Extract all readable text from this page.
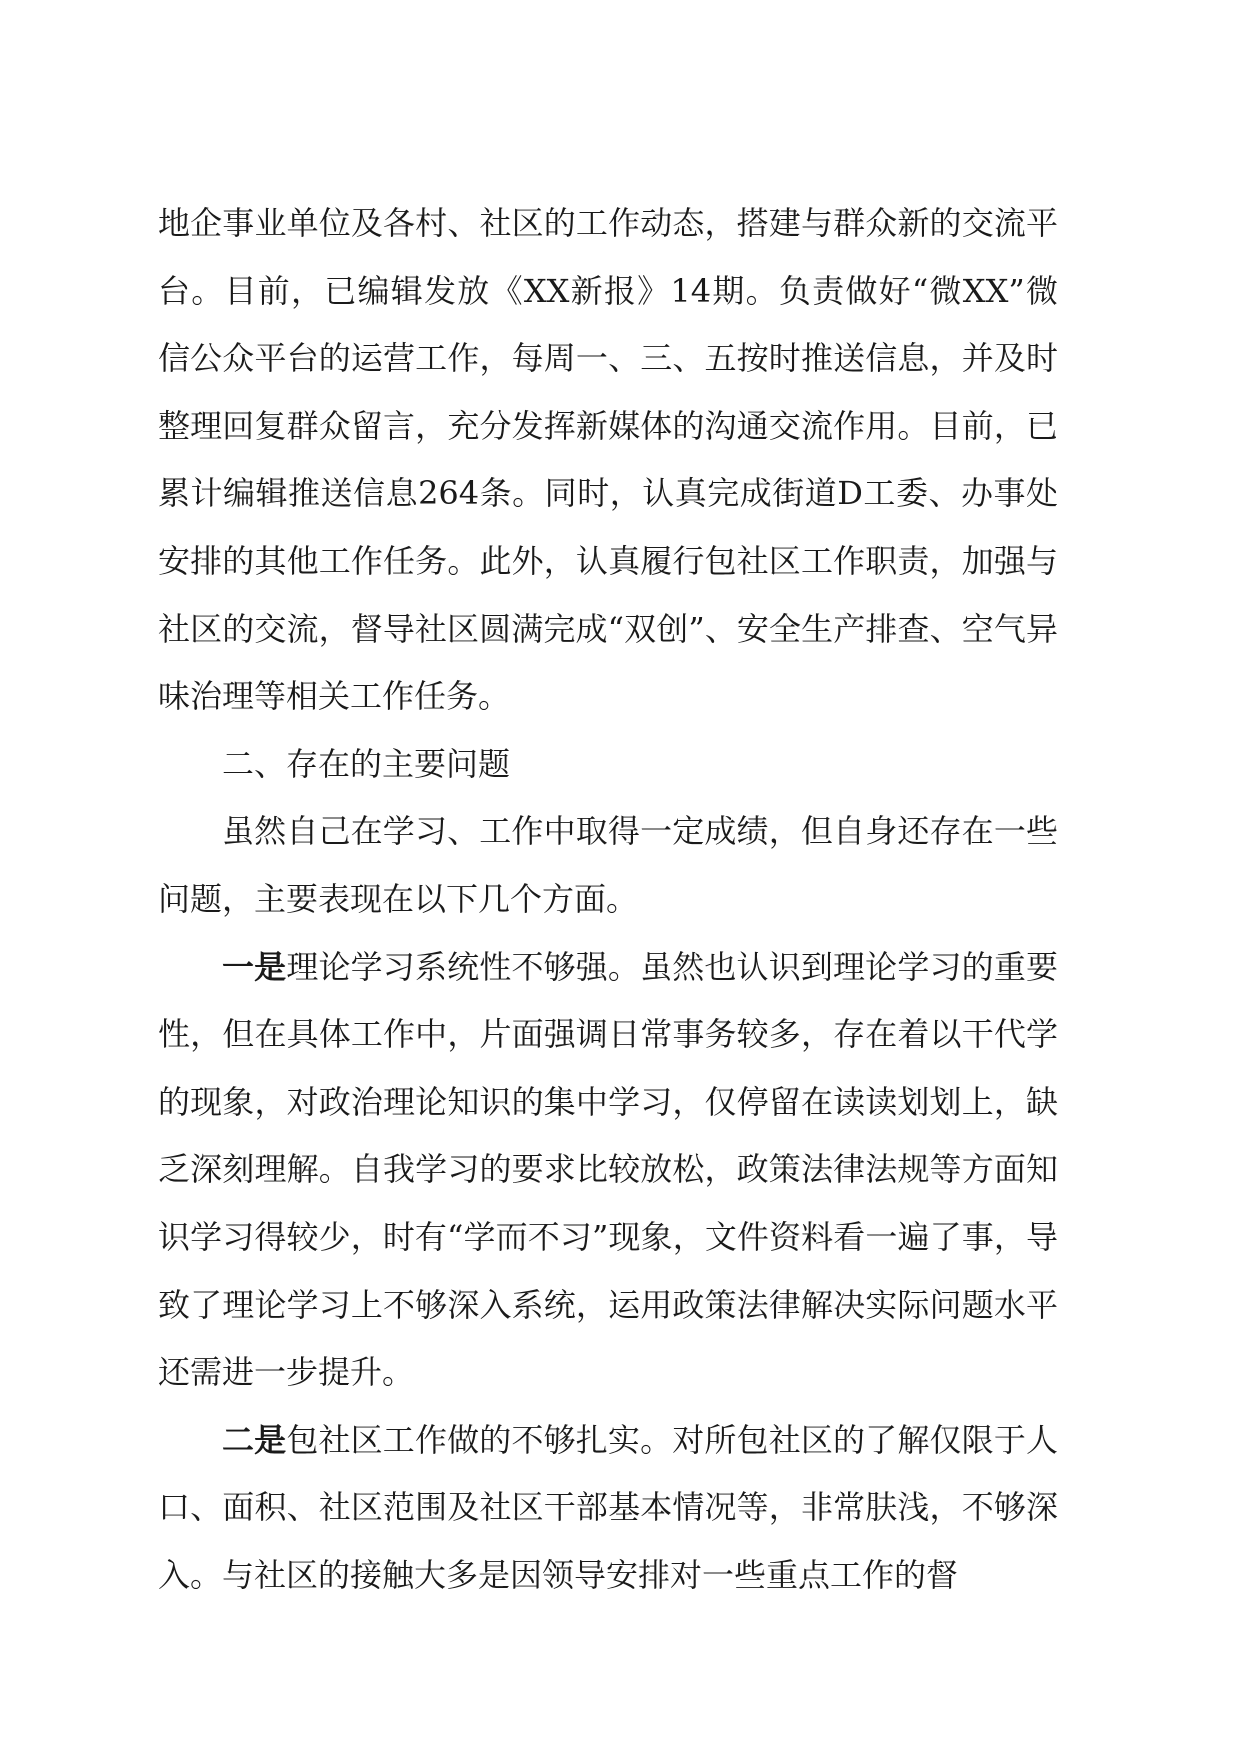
地企事业单位及各村、社区的工作动态，搭建与群众新的交流平台。目前，已编辑发放《XX新报》14期。负责做好“微XX”微信公众平台的运营工作，每周一、三、五按时推送信息，并及时整理回复群众留言，充分发挥新媒体的沟通交流作用。目前，已累计编辑推送信息264条。同时，认真完成街道D工委、办事处安排的其他工作任务。此外，认真履行包社区工作职责，加强与社区的交流，督导社区圆满完成“双创”、安全生产排查、空气异味治理等相关工作任务。

二、存在的主要问题

虽然自己在学习、工作中取得一定成绩，但自身还存在一些问题，主要表现在以下几个方面。

一是理论学习系统性不够强。虽然也认识到理论学习的重要性，但在具体工作中，片面强调日常事务较多，存在着以干代学的现象，对政治理论知识的集中学习，仅停留在读读划划上，缺乏深刻理解。自我学习的要求比较放松，政策法律法规等方面知识学习得较少，时有“学而不习”现象，文件资料看一遍了事，导致了理论学习上不够深入系统，运用政策法律解决实际问题水平还需进一步提升。

二是包社区工作做的不够扎实。对所包社区的了解仅限于人口、面积、社区范围及社区干部基本情况等，非常肤浅，不够深入。与社区的接触大多是因领导安排对一些重点工作的督
